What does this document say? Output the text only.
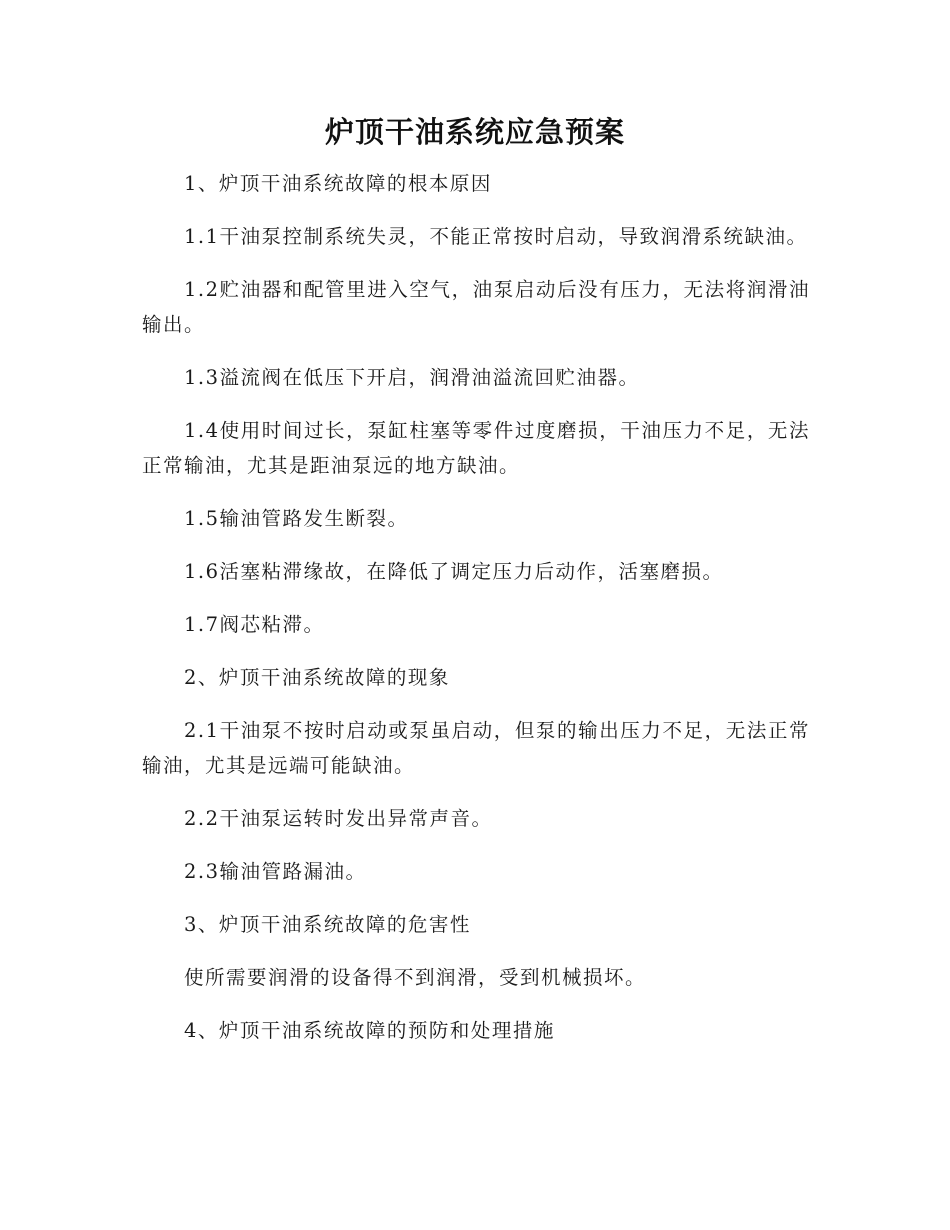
炉顶干油系统应急预案

1、炉顶干油系统故障的根本原因

1.1干油泵控制系统失灵，不能正常按时启动，导致润滑系统缺油。

1.2贮油器和配管里进入空气，油泵启动后没有压力，无法将润滑油输出。

1.3溢流阀在低压下开启，润滑油溢流回贮油器。

1.4使用时间过长，泵缸柱塞等零件过度磨损，干油压力不足，无法正常输油，尤其是距油泵远的地方缺油。

1.5输油管路发生断裂。

1.6活塞粘滞缘故，在降低了调定压力后动作，活塞磨损。

1.7阀芯粘滞。

2、炉顶干油系统故障的现象

2.1干油泵不按时启动或泵虽启动，但泵的输出压力不足，无法正常输油，尤其是远端可能缺油。

2.2干油泵运转时发出异常声音。

2.3输油管路漏油。

3、炉顶干油系统故障的危害性

使所需要润滑的设备得不到润滑，受到机械损坏。

4、炉顶干油系统故障的预防和处理措施
